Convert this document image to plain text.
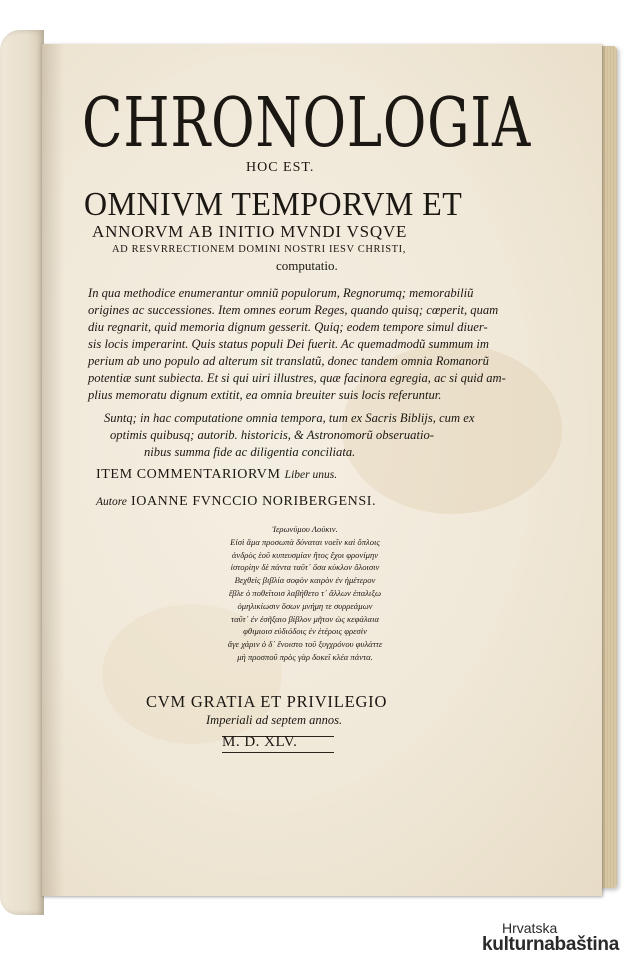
CHRONOLOGIA
HOC EST.
OMNIVM TEMPORVM ET
ANNORVM AB INITIO MVNDI VSQVE
AD RESVRRECTIONEM DOMINI NOSTRI IESV CHRISTI,
computatio.
In qua methodice enumerantur omniũ populorum, Regnorumq; memorabiliũ
origines ac successiones. Item omnes eorum Reges, quando quisq; cœperit, quam
diu regnarit, quid memoria dignum gesserit. Quiq; eodem tempore simul diuer-
sis locis imperarint. Quis status populi Dei fuerit. Ac quemadmodũ summum im
perium ab uno populo ad alterum sit translatũ, donec tandem omnia Romanorũ
potentiæ sunt subiecta. Et si qui uiri illustres, quæ facinora egregia, ac si quid am-
plius memoratu dignum extitit, ea omnia breuiter suis locis referuntur.
Suntq; in hac computatione omnia tempora, tum ex Sacris Biblijs, cum ex
optimis quibusq; autorib. historicis, & Astronomorũ obseruatio-
nibus summa fide ac diligentia conciliata.
ITEM COMMENTARIORVM Liber unus.
Autore IOANNE FVNCCIO NORIBERGENSI.
Ἱερωνύμου Λούκιν.
Εἰσὶ ἅμα προσωπὰ δύναται νοεῖν καὶ ὅπλοις
ἀνδρὸς ἑοῦ κυπευσμίαν ἥτος ἔχοι φρονίμην
ἱστορίην δὲ πάντα ταῦτ᾽ ὅσα κύκλον ὅλοισιν
Βεχθεὶς βιβλία σοφὸν καιρὸν ἐν ἡμέτερον
ἔβλε ὁ ποθεῖτοισ λαβήθετο τ᾽ ἄλλων ἐπαλιξω
ὁμηλικίωσιν ὅσων μνήμη τε συρρεάμων
ταῦτ᾽ ἐν ἐσῆξαιο βίβλον μῆτον ὡς κεφάλαια
φθιμιοισ εὐδιόδοις ἐν ἑτέροις φρεσὶν
ἄγε χάριν ὁ δ᾽ ἔνοιστο τοῦ ξυγχρόνου φυλάττε
μὴ προσποῦ πρὸς γὰρ δοκεῖ κλέα πάντα.
CVM GRATIA ET PRIVILEGIO
Imperiali ad septem annos.
M. D. XLV.
Hrvatska
kulturnabaština
